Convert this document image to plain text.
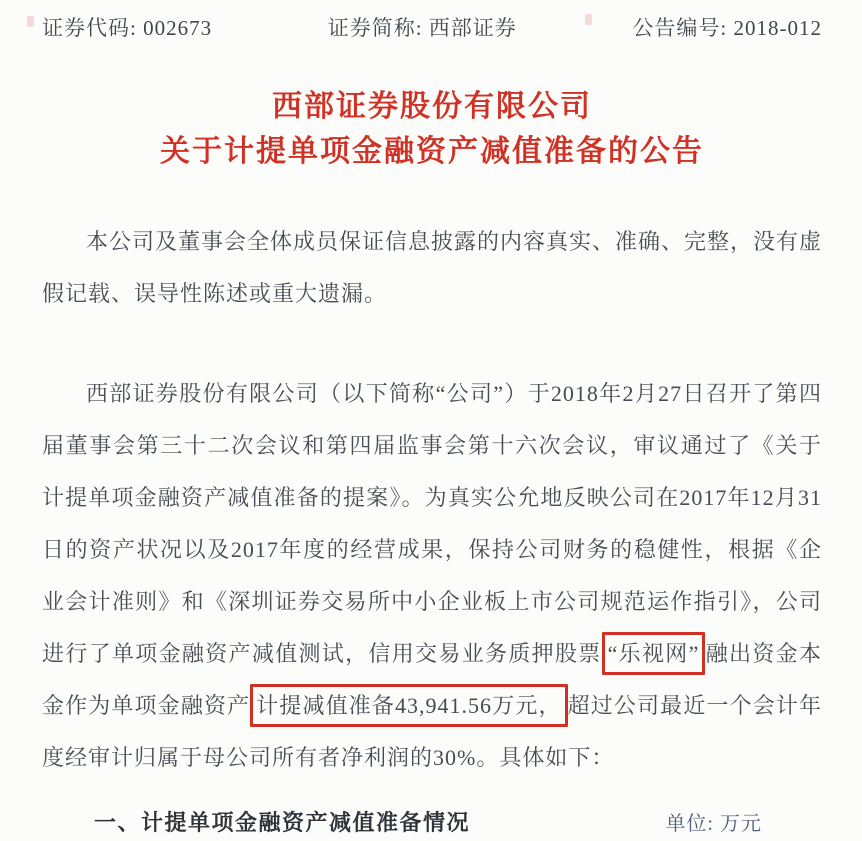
证券代码: 002673	证券简称: 西部证券	公告编号: 2018-012
西部证券股份有限公司
关于计提单项金融资产减值准备的公告

本公司及董事会全体成员保证信息披露的内容真实、准确、完整，没有虚假记载、误导性陈述或重大遗漏。

西部证券股份有限公司（以下简称“公司”）于2018年2月27日召开了第四届董事会第三十二次会议和第四届监事会第十六次会议，审议通过了《关于计提单项金融资产减值准备的提案》。为真实公允地反映公司在2017年12月31日的资产状况以及2017年度的经营成果，保持公司财务的稳健性，根据《企业会计准则》和《深圳证券交易所中小企业板上市公司规范运作指引》，公司进行了单项金融资产减值测试，信用交易业务质押股票 “乐视网” 融出资金本金作为单项金融资产 计提减值准备43,941.56万元， 超过公司最近一个会计年度经审计归属于母公司所有者净利润的30%。具体如下：

一、计提单项金融资产减值准备情况	单位: 万元
